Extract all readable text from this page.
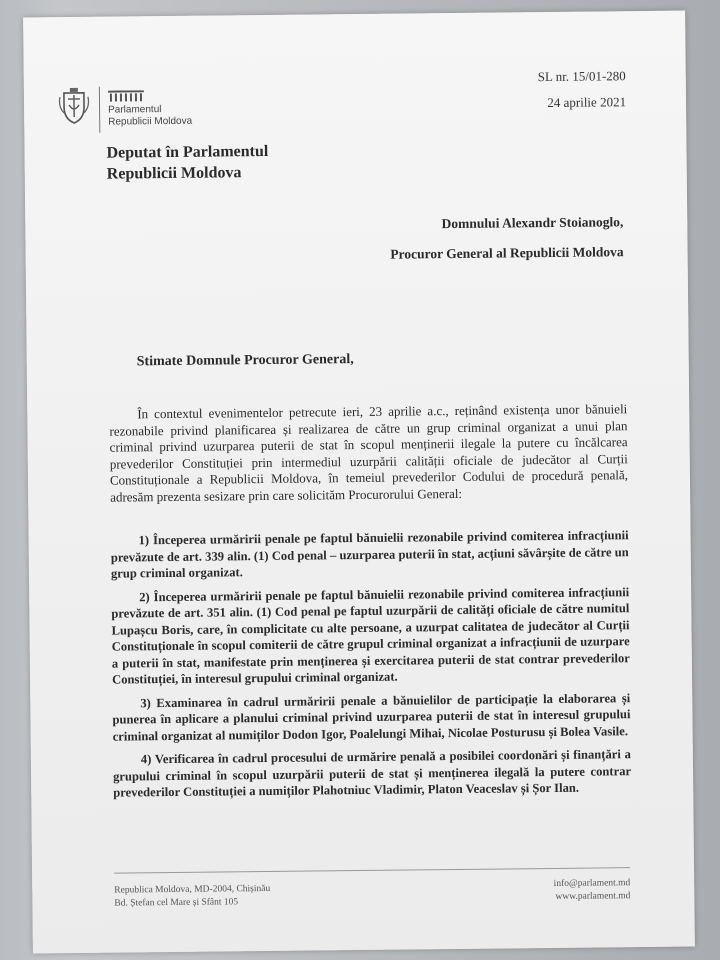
Parlamentul
Republicii Moldova
SL nr. 15/01-280
24 aprilie 2021
Deputat în Parlamentul
Republicii Moldova
Domnului Alexandr Stoianoglo,
Procuror General al Republicii Moldova
Stimate Domnule Procuror General,
În contextul evenimentelor petrecute ieri, 23 aprilie a.c., reținând existența unor bănuieli rezonabile privind planificarea și realizarea de către un grup criminal organizat a unui plan criminal privind uzurparea puterii de stat în scopul menținerii ilegale la putere cu încălcarea prevederilor Constituției prin intermediul uzurpării calității oficiale de judecător al Curții Constituționale a Republicii Moldova, în temeiul prevederilor Codului de procedură penală, adresăm prezenta sesizare prin care solicităm Procurorului General:

1) Începerea urmăririi penale pe faptul bănuielii rezonabile privind comiterea infracțiunii prevăzute de art. 339 alin. (1) Cod penal – uzurparea puterii în stat, acțiuni săvârșite de către un grup criminal organizat.

2) Începerea urmăririi penale pe faptul bănuielii rezonabile privind comiterea infracțiunii prevăzute de art. 351 alin. (1) Cod penal pe faptul uzurpării de calități oficiale de către numitul Lupașcu Boris, care, în complicitate cu alte persoane, a uzurpat calitatea de judecător al Curții Constituționale în scopul comiterii de către grupul criminal organizat a infracțiunii de uzurpare a puterii în stat, manifestate prin menținerea și exercitarea puterii de stat contrar prevederilor Constituției, în interesul grupului criminal organizat.

3) Examinarea în cadrul urmăririi penale a bănuielilor de participație la elaborarea și punerea în aplicare a planului criminal privind uzurparea puterii de stat în interesul grupului criminal organizat al numiților Dodon Igor, Poalelungi Mihai, Nicolae Posturusu și Bolea Vasile.

4) Verificarea în cadrul procesului de urmărire penală a posibilei coordonări și finanțări a grupului criminal în scopul uzurpării puterii de stat și menținerea ilegală la putere contrar prevederilor Constituției a numiților Plahotniuc Vladimir, Platon Veaceslav și Șor Ilan.

Republica Moldova, MD-2004, Chișinău
Bd. Ștefan cel Mare și Sfânt 105
info@parlament.md
www.parlament.md
